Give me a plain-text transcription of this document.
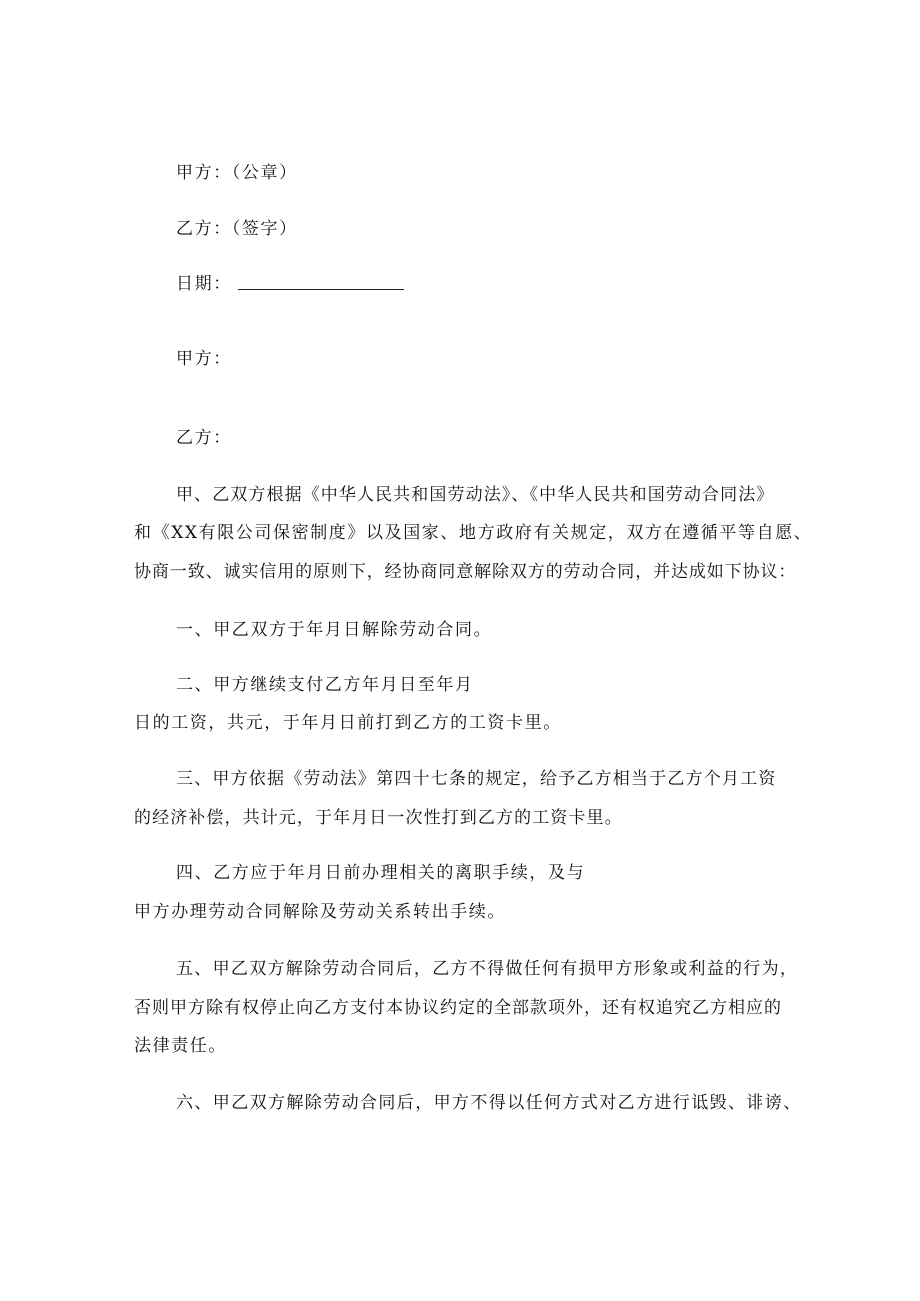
甲方：（公章）
乙方：（签字）
日期：
甲方：
乙方：
甲、乙双方根据《中华人民共和国劳动法》、《中华人民共和国劳动合同法》
和《XX有限公司保密制度》以及国家、地方政府有关规定，双方在遵循平等自愿、
协商一致、诚实信用的原则下，经协商同意解除双方的劳动合同，并达成如下协议：
一、甲乙双方于年月日解除劳动合同。
二、甲方继续支付乙方年月日至年月
日的工资，共元，于年月日前打到乙方的工资卡里。
三、甲方依据《劳动法》第四十七条的规定，给予乙方相当于乙方个月工资
的经济补偿，共计元，于年月日一次性打到乙方的工资卡里。
四、乙方应于年月日前办理相关的离职手续，及与
甲方办理劳动合同解除及劳动关系转出手续。
五、甲乙双方解除劳动合同后，乙方不得做任何有损甲方形象或利益的行为，
否则甲方除有权停止向乙方支付本协议约定的全部款项外，还有权追究乙方相应的
法律责任。
六、甲乙双方解除劳动合同后，甲方不得以任何方式对乙方进行诋毁、诽谤、
